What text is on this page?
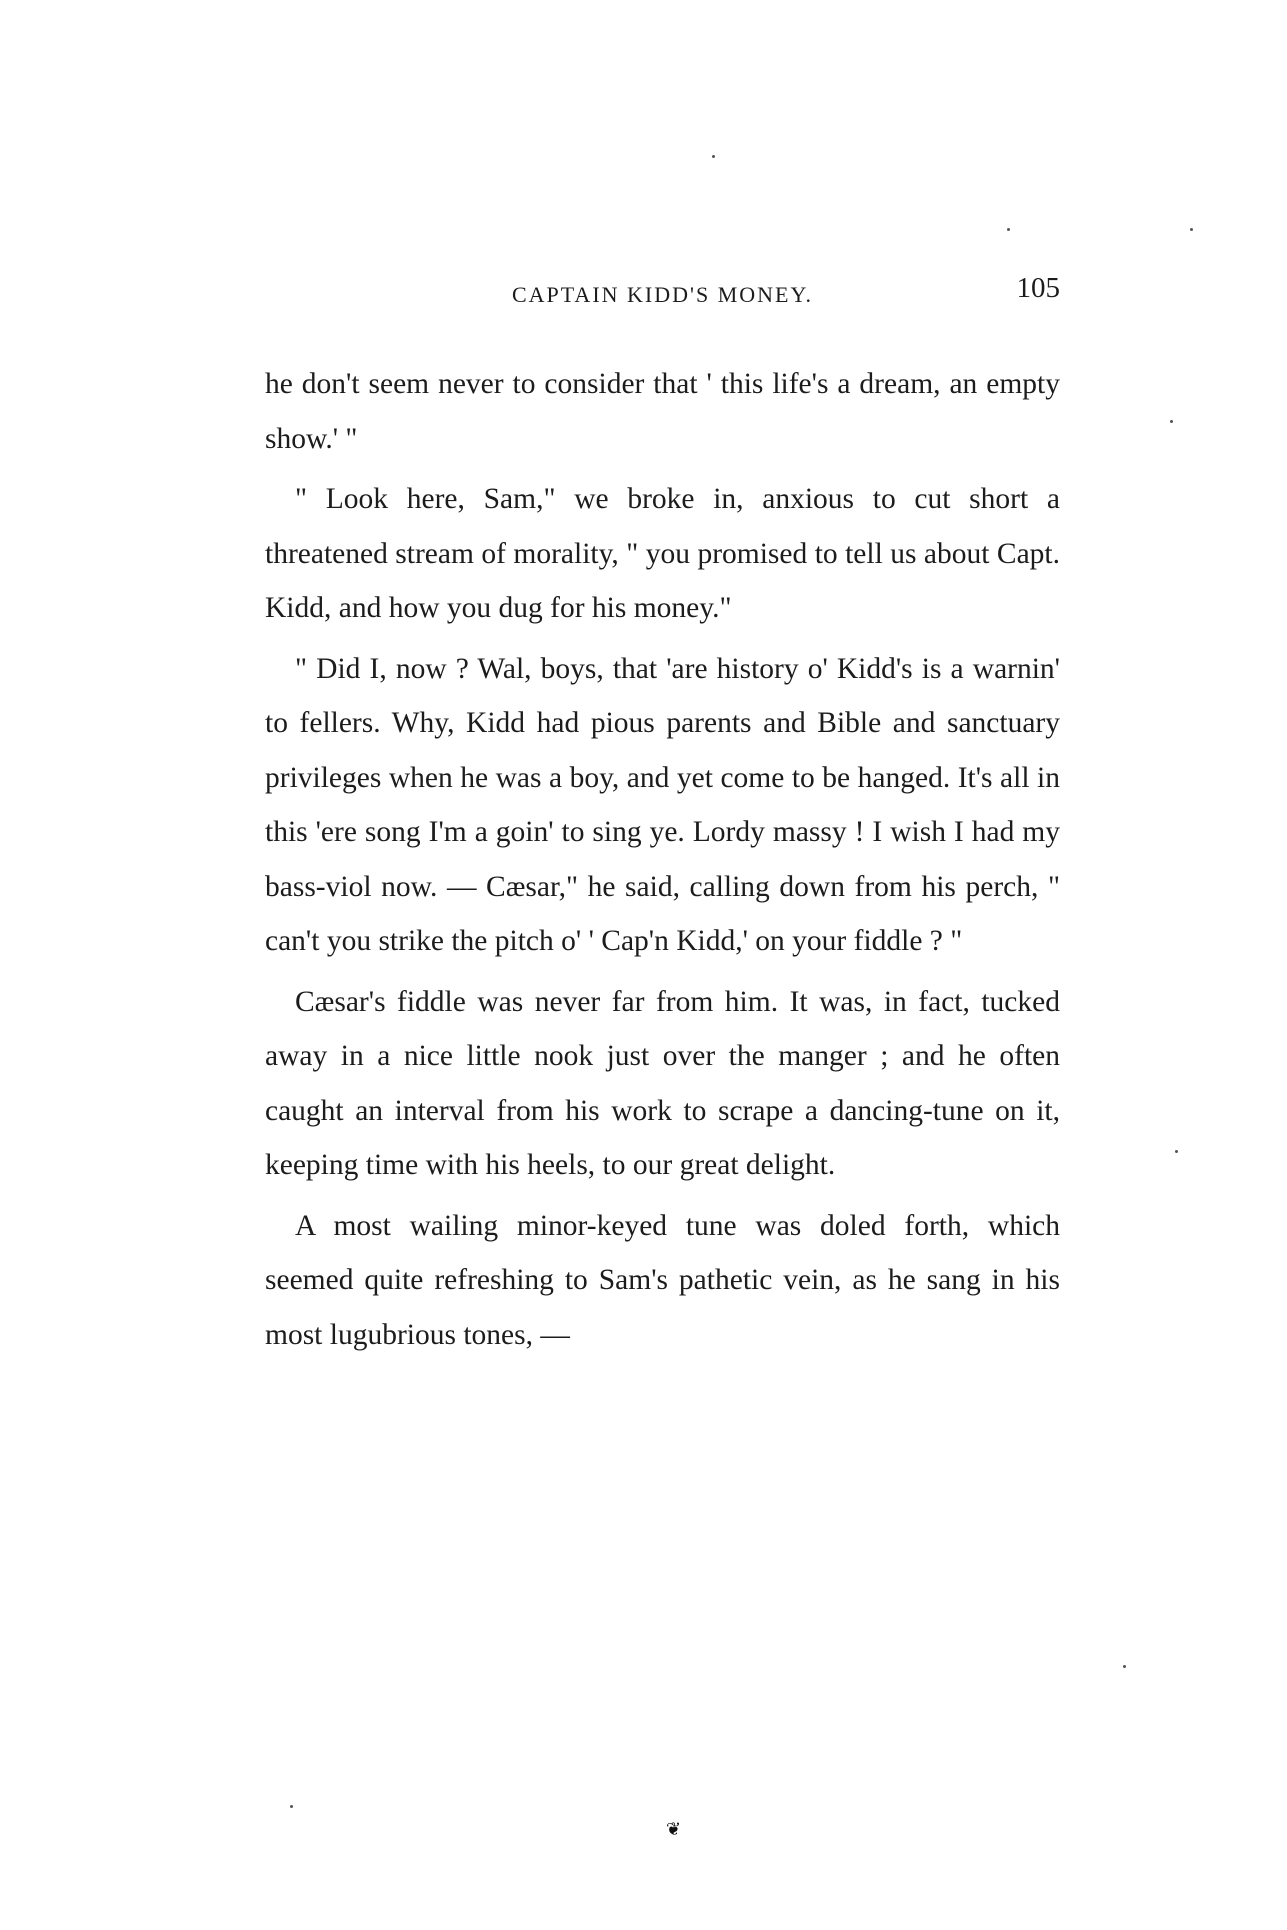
CAPTAIN KIDD'S MONEY.	105

he don't seem never to consider that ' this life's a dream, an empty show.' "

" Look here, Sam," we broke in, anxious to cut short a threatened stream of morality, " you promised to tell us about Capt. Kidd, and how you dug for his money."

" Did I, now ? Wal, boys, that 'are history o' Kidd's is a warnin' to fellers. Why, Kidd had pious parents and Bible and sanctuary privileges when he was a boy, and yet come to be hanged. It's all in this 'ere song I'm a goin' to sing ye. Lordy massy ! I wish I had my bass-viol now. — Cæsar," he said, calling down from his perch, " can't you strike the pitch o' ' Cap'n Kidd,' on your fiddle ? "

Cæsar's fiddle was never far from him. It was, in fact, tucked away in a nice little nook just over the manger ; and he often caught an interval from his work to scrape a dancing-tune on it, keeping time with his heels, to our great delight.

A most wailing minor-keyed tune was doled forth, which seemed quite refreshing to Sam's pathetic vein, as he sang in his most lugubrious tones, —

❦
